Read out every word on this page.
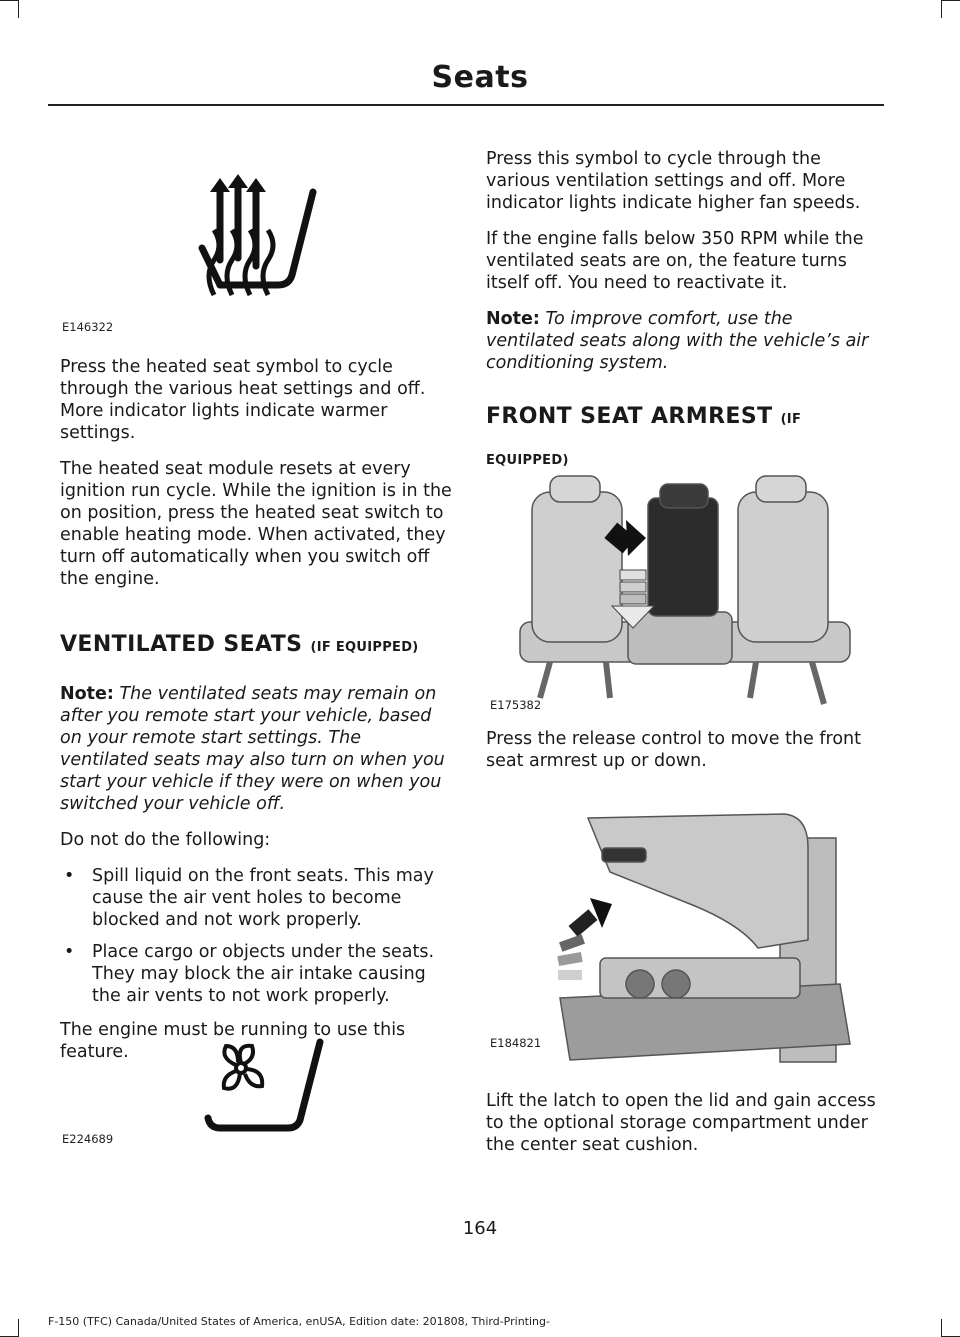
Seats
E146322

Press the heated seat symbol to cycle through the various heat settings and off. More indicator lights indicate warmer settings.

The heated seat module resets at every ignition run cycle. While the ignition is in the on position, press the heated seat switch to enable heating mode. When activated, they turn off automatically when you switch off the engine.

VENTILATED SEATS (IF EQUIPPED)

Note: The ventilated seats may remain on after you remote start your vehicle, based on your remote start settings. The ventilated seats may also turn on when you start your vehicle if they were on when you switched your vehicle off.

Do not do the following:

• Spill liquid on the front seats. This may cause the air vent holes to become blocked and not work properly.
• Place cargo or objects under the seats. They may block the air intake causing the air vents to not work properly.

The engine must be running to use this feature.

E224689

Press this symbol to cycle through the various ventilation settings and off. More indicator lights indicate higher fan speeds.

If the engine falls below 350 RPM while the ventilated seats are on, the feature turns itself off. You need to reactivate it.

Note: To improve comfort, use the ventilated seats along with the vehicle’s air conditioning system.

FRONT SEAT ARMREST (IF
EQUIPPED)
E175382

Press the release control to move the front seat armrest up or down.

E184821

Lift the latch to open the lid and gain access to the optional storage compartment under the center seat cushion.

164
F-150 (TFC) Canada/United States of America, enUSA, Edition date: 201808, Third-Printing-
